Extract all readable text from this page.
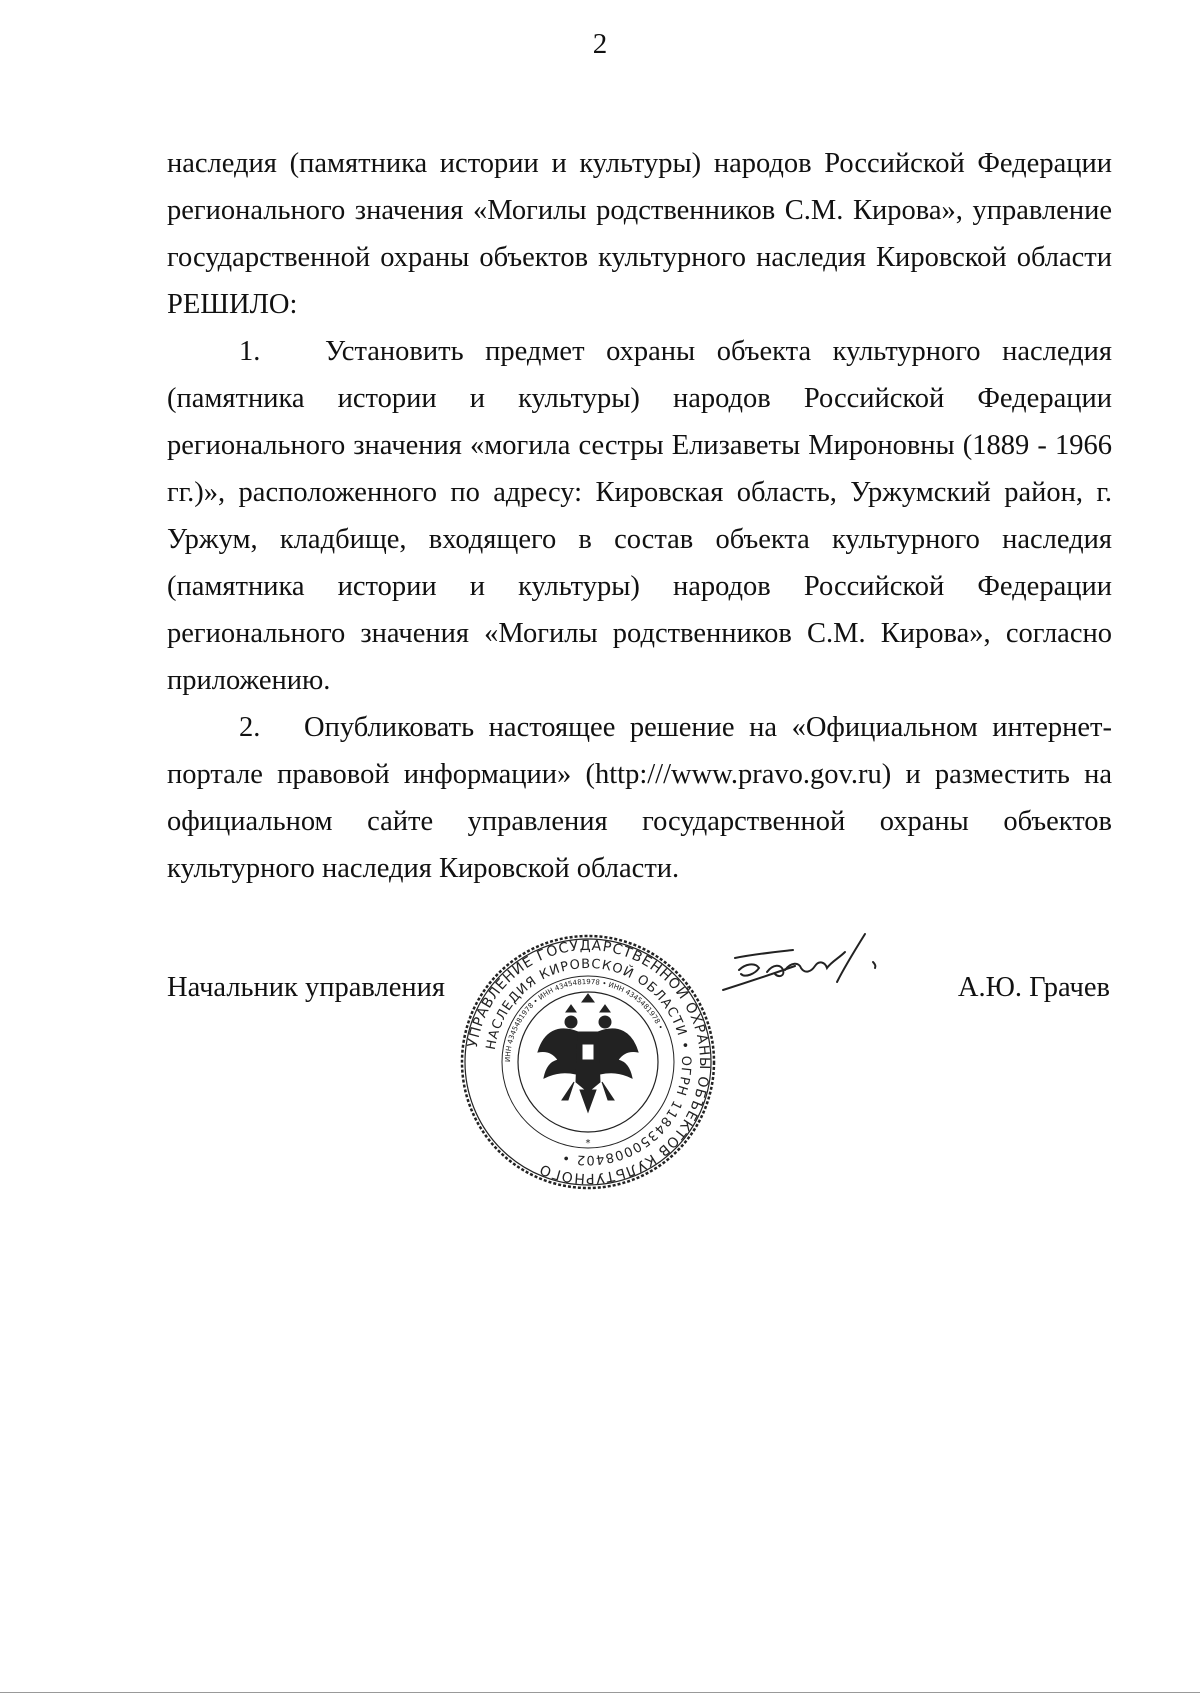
2

наследия (памятника истории и культуры) народов Российской Федерации регионального значения «Могилы родственников С.М. Кирова», управление государственной охраны объектов культурного наследия Кировской области РЕШИЛО:

1.   Установить предмет охраны объекта культурного наследия (памятника истории и культуры) народов Российской Федерации регионального значения «могила сестры Елизаветы Мироновны (1889 - 1966 гг.)», расположенного по адресу: Кировская область, Уржумский район, г. Уржум, кладбище, входящего в состав объекта культурного наследия (памятника истории и культуры) народов Российской Федерации регионального значения «Могилы родственников С.М. Кирова», согласно приложению.

2.   Опубликовать настоящее решение на «Официальном интернет-портале правовой информации» (http:///www.pravo.gov.ru) и разместить на официальном сайте управления государственной охраны объектов культурного наследия Кировской области.

Начальник управления
УПРАВЛЕНИЕ ГОСУДАРСТВЕННОЙ ОХРАНЫ ОБЪЕКТОВ КУЛЬТУРНОГО
НАСЛЕДИЯ КИРОВСКОЙ ОБЛАСТИ • ОГРН 1184350008402 •
ИНН 4345481978 • ИНН 4345481978 • ИНН 4345481978 •
*
А.Ю. Грачев
